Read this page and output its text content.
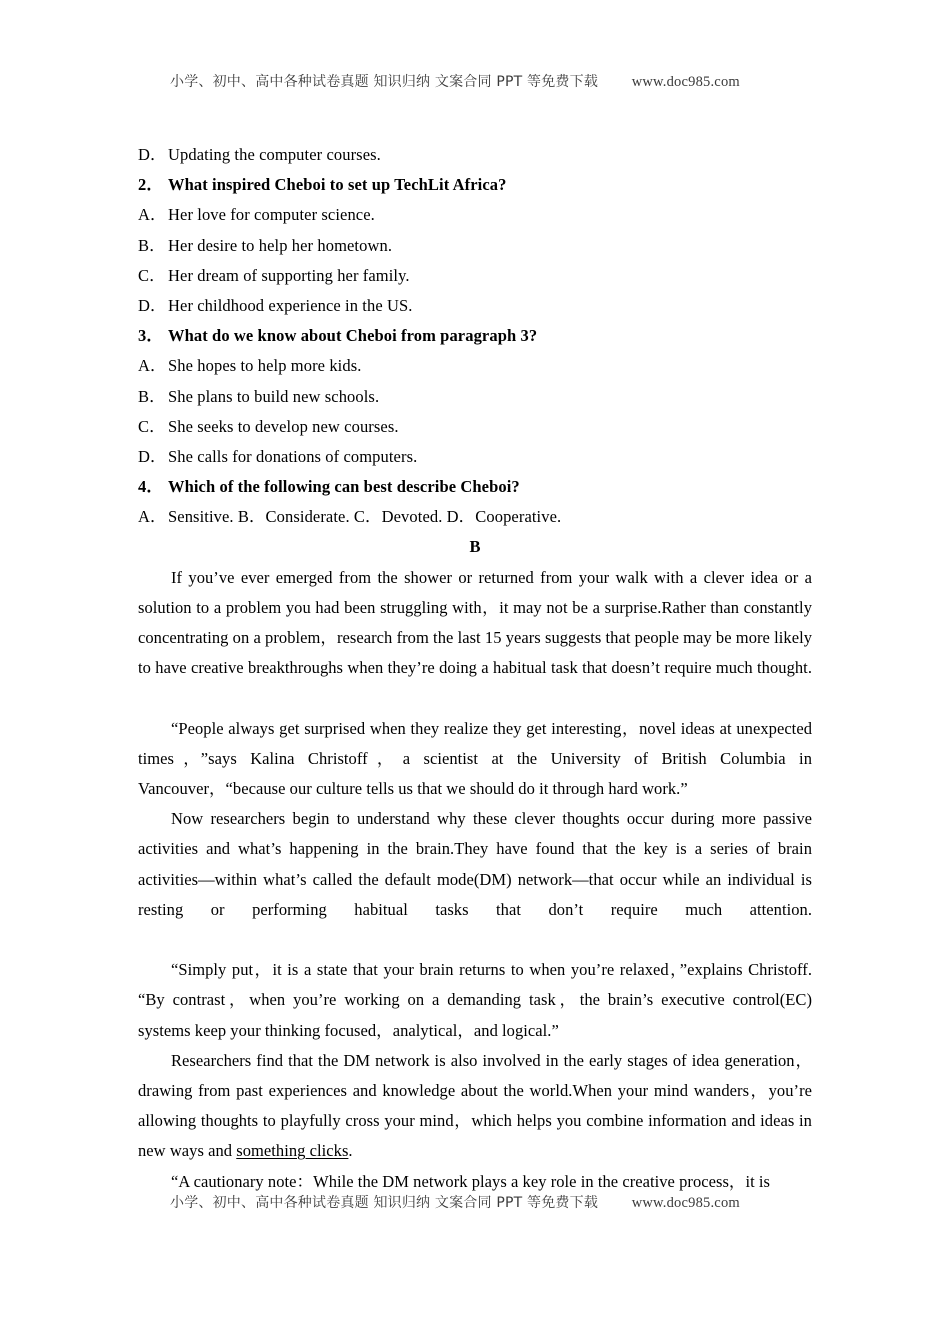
小学、初中、高中各种试卷真题 知识归纳 文案合同 PPT 等免费下载 www.doc985.com
D．Updating the computer courses.
2． What inspired Cheboi to set up TechLit Africa?
A．Her love for computer science.
B． Her desire to help her hometown.
C． Her dream of supporting her family.
D．Her childhood experience in the US.
3． What do we know about Cheboi from paragraph 3?
A．She hopes to help more kids.
B． She plans to build new schools.
C． She seeks to develop new courses.
D．She calls for donations of computers.
4． Which of the following can best describe Cheboi?
A．Sensitive. B．Considerate. C．Devoted. D．Cooperative.
B

If you’ve ever emerged from the shower or returned from your walk with a clever idea or a solution to a problem you had been struggling with，it may not be a surprise.Rather than constantly concentrating on a problem，research from the last 15 years suggests that people may be more likely to have creative breakthroughs when they’re doing a habitual task that doesn’t require much thought.

“People always get surprised when they realize they get interesting，novel ideas at unexpected times，”says Kalina Christoff，a scientist at the University of British Columbia in Vancouver，“because our culture tells us that we should do it through hard work.”

Now researchers begin to understand why these clever thoughts occur during more passive activities and what’s happening in the brain.They have found that the key is a series of brain activities—within what’s called the default mode(DM) network—that occur while an individual is resting or performing habitual tasks that don’t require much attention.

“Simply put，it is a state that your brain returns to when you’re relaxed，”explains Christoff. “By contrast，when you’re working on a demanding task，the brain’s executive control(EC) systems keep your thinking focused，analytical，and logical.”

Researchers find that the DM network is also involved in the early stages of idea generation，drawing from past experiences and knowledge about the world.When your mind wanders，you’re allowing thoughts to playfully cross your mind，which helps you combine information and ideas in new ways and something clicks.

“A cautionary note：While the DM network plays a key role in the creative process，it is

小学、初中、高中各种试卷真题 知识归纳 文案合同 PPT 等免费下载 www.doc985.com
